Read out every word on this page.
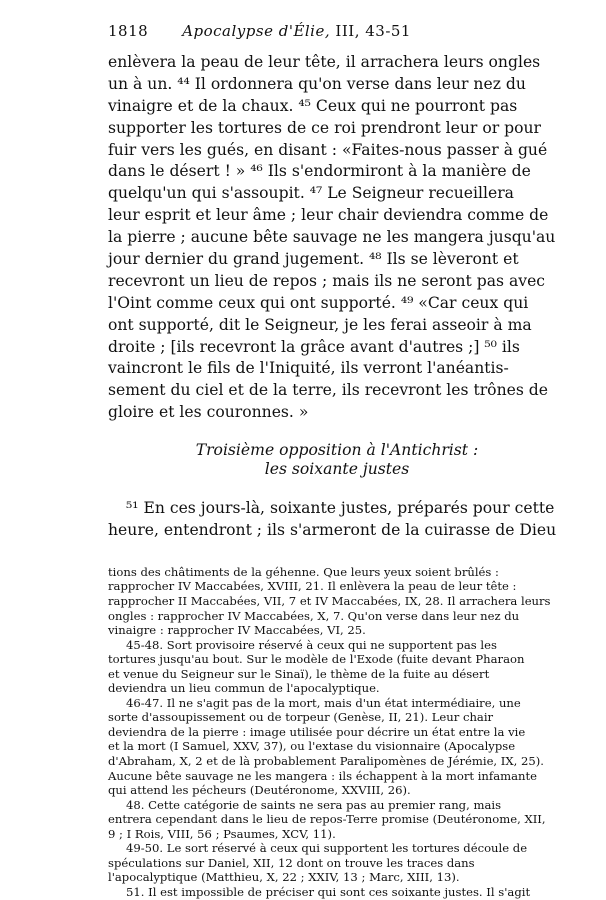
1818 Apocalypse d'Élie, III, 43-51
enlèvera la peau de leur tête, il arrachera leurs ongles
un à un. ⁴⁴ Il ordonnera qu'on verse dans leur nez du
vinaigre et de la chaux. ⁴⁵ Ceux qui ne pourront pas
supporter les tortures de ce roi prendront leur or pour
fuir vers les gués, en disant : «Faites-nous passer à gué
dans le désert ! » ⁴⁶ Ils s'endormiront à la manière de
quelqu'un qui s'assoupit. ⁴⁷ Le Seigneur recueillera
leur esprit et leur âme ; leur chair deviendra comme de
la pierre ; aucune bête sauvage ne les mangera jusqu'au
jour dernier du grand jugement. ⁴⁸ Ils se lèveront et
recevront un lieu de repos ; mais ils ne seront pas avec
l'Oint comme ceux qui ont supporté. ⁴⁹ «Car ceux qui
ont supporté, dit le Seigneur, je les ferai asseoir à ma
droite ; [ils recevront la grâce avant d'autres ;] ⁵⁰ ils
vaincront le fils de l'Iniquité, ils verront l'anéantis-
sement du ciel et de la terre, ils recevront les trônes de
gloire et les couronnes. »
Troisième opposition à l'Antichrist :
les soixante justes
⁵¹ En ces jours-là, soixante justes, préparés pour cette
heure, entendront ; ils s'armeront de la cuirasse de Dieu
tions des châtiments de la géhenne. Que leurs yeux soient brûlés :
rapprocher IV Maccabées, XVIII, 21. Il enlèvera la peau de leur tête :
rapprocher II Maccabées, VII, 7 et IV Maccabées, IX, 28. Il arrachera leurs
ongles : rapprocher IV Maccabées, X, 7. Qu'on verse dans leur nez du
vinaigre : rapprocher IV Maccabées, VI, 25.
45-48. Sort provisoire réservé à ceux qui ne supportent pas les
tortures jusqu'au bout. Sur le modèle de l'Exode (fuite devant Pharaon
et venue du Seigneur sur le Sinaï), le thème de la fuite au désert
deviendra un lieu commun de l'apocalyptique.
46-47. Il ne s'agit pas de la mort, mais d'un état intermédiaire, une
sorte d'assoupissement ou de torpeur (Genèse, II, 21). Leur chair
deviendra de la pierre : image utilisée pour décrire un état entre la vie
et la mort (I Samuel, XXV, 37), ou l'extase du visionnaire (Apocalypse
d'Abraham, X, 2 et de là probablement Paralipomènes de Jérémie, IX, 25).
Aucune bête sauvage ne les mangera : ils échappent à la mort infamante
qui attend les pécheurs (Deutéronome, XXVIII, 26).
48. Cette catégorie de saints ne sera pas au premier rang, mais
entrera cependant dans le lieu de repos-Terre promise (Deutéronome, XII,
9 ; I Rois, VIII, 56 ; Psaumes, XCV, 11).
49-50. Le sort réservé à ceux qui supportent les tortures découle de
spéculations sur Daniel, XII, 12 dont on trouve les traces dans
l'apocalyptique (Matthieu, X, 22 ; XXIV, 13 ; Marc, XIII, 13).
51. Il est impossible de préciser qui sont ces soixante justes. Il s'agit
